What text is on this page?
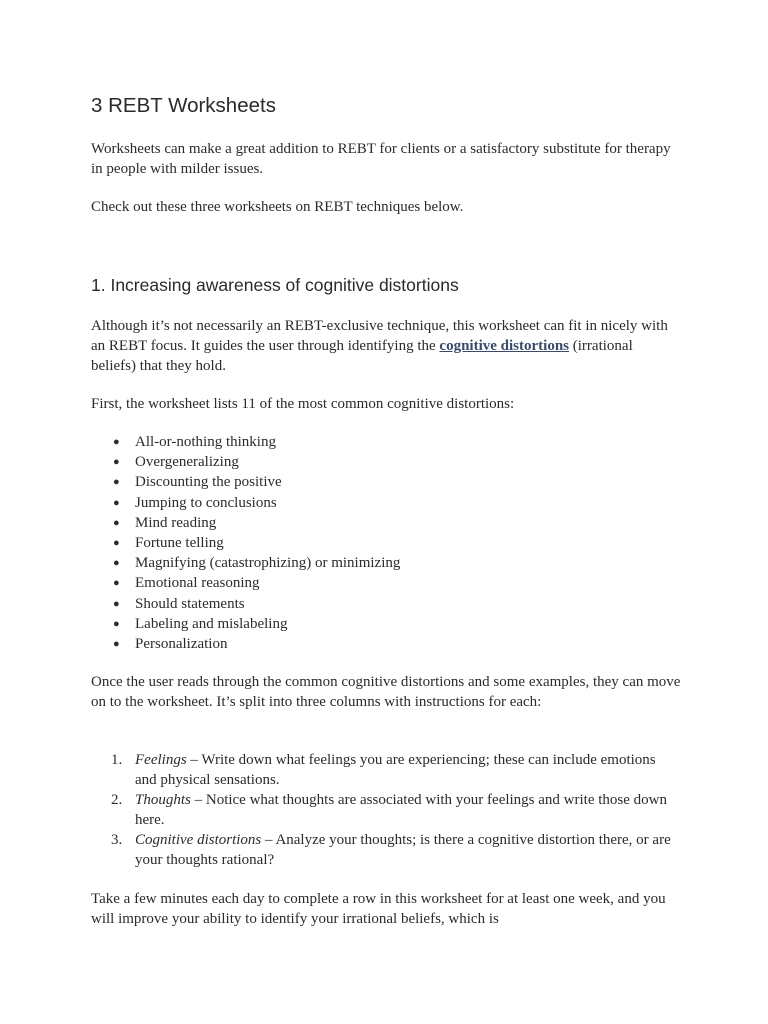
3 REBT Worksheets

Worksheets can make a great addition to REBT for clients or a satisfactory substitute for therapy in people with milder issues.

Check out these three worksheets on REBT techniques below.

1. Increasing awareness of cognitive distortions

Although it’s not necessarily an REBT-exclusive technique, this worksheet can fit in nicely with an REBT focus. It guides the user through identifying the cognitive distortions (irrational beliefs) that they hold.

First, the worksheet lists 11 of the most common cognitive distortions:

● All-or-nothing thinking
● Overgeneralizing
● Discounting the positive
● Jumping to conclusions
● Mind reading
● Fortune telling
● Magnifying (catastrophizing) or minimizing
● Emotional reasoning
● Should statements
● Labeling and mislabeling
● Personalization

Once the user reads through the common cognitive distortions and some examples, they can move on to the worksheet. It’s split into three columns with instructions for each:

1. Feelings – Write down what feelings you are experiencing; these can include emotions and physical sensations.
2. Thoughts – Notice what thoughts are associated with your feelings and write those down here.
3. Cognitive distortions – Analyze your thoughts; is there a cognitive distortion there, or are your thoughts rational?

Take a few minutes each day to complete a row in this worksheet for at least one week, and you will improve your ability to identify your irrational beliefs, which is
